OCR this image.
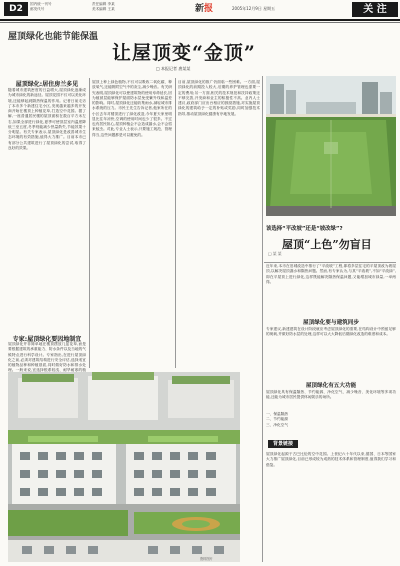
D2	国内统一刊号
邮发代号
责任编辑 李某
美术编辑 王某	新报	2005年12月9日 星期五	关 注
屋顶绿化也能节能保温
让屋顶变“金顶”
□ 本报记者 唐某某
屋顶绿化:居住房兰多见
随着城市建筑密度的日益增大,屋顶绿化逐渐成为城市绿化的新途径。屋顶花园不仅可以美化环境,还能够起到隔热保温的作用。记者日前走访了本市多个新建住宅小区,发现越来越多的开发商开始在楼顶上种植花草,打造空中花园。据了解,一座普通居民楼的屋顶面积在数百平方米左右,如果全部进行绿化,夏季可使顶层室内温度降低三至五度,冬季则能减少热量散失,节能效果十分明显。有关专家表示,屋顶绿化是改善城市生态环境的有效措施,值得大力推广。目前本市已有部分公共建筑进行了屋顶绿化的尝试,取得了良好的效果。
专家:屋顶绿化要因地制宜
屋顶绿化并非简单地在楼顶摆放几盆花草,而是要根据建筑的承重能力、防水条件以及当地的气候特点进行科学设计。专家指出,在进行屋顶绿化之前,必须对建筑结构进行安全评估,选择适宜的植物品种和种植基质,同时做好防水和排水处理。一般来说,宜选择根系较浅、耐旱耐寒的植
屋顶上种上绿色植物,不仅可以吸收二氧化碳、释放氧气,还能吸附空气中的灰尘,减少噪音。有关研究表明,屋顶绿化可以使建筑物的使用寿命延长,因为植被层能够保护屋面防水层免受紫外线和温差的影响。同时,屋顶绿化还能收集雨水,减轻城市排水系统的压力。市民王先生告诉记者,他家所在的小区去年对楼顶进行了绿化改造,今年夏天家里明显比往年凉快,空调的使用时间也少了很多。不过也有居民担心,屋顶种植会不会造成漏水,会不会招来蚊虫。对此,专业人士表示,只要施工规范、管理得当,这些问题都是可以避免的。
目前,屋顶绿化的推广仍面临一些困难。一方面,屋顶绿化的前期投入较大,后期的养护管理也需要一定的费用;另一方面,相关的技术规范和扶持政策还不够完善,开发商和业主的积极性不高。业内人士建议,政府部门应出台相应的鼓励措施,对实施屋顶绿化的建筑给予一定的补贴或奖励,同时加强技术指导,推动屋顶绿化健康有序地发展。
该选择“平改坡”还是“坡改绿”?
屋顶“上色”勿盲目
□ 某 某
近年来,本市在旧城改造中推行了“平改坡”工程,即将多层住宅的平屋顶改为坡屋顶,以解决屋顶漏水和隔热问题。然而,有专家认为,与其“平改坡”,不如“平改绿”,即在平屋顶上进行绿化,这样既能解决隔热保温问题,又能增加城市绿量,一举两得。
屋顶绿化要与建筑同步
专家建议,新建建筑在设计阶段就应考虑屋顶绿化的需要,在结构设计中预留足够的荷载,并做好防水层的处理,这样可以大大降低后期绿化改造的难度和成本。
屋顶绿化有五大功能
屋顶绿化具有保温隔热、节约能源、净化空气、减少噪音、美化环境等多项功能,还能为城市居民提供休闲娱乐的场所。
一、保温隔热
二、节约能源
三、净化空气
背景链接
屋顶绿化起源于古巴比伦的空中花园。上世纪六十年代以来,德国、日本等国家大力推广屋顶绿化,目前已形成较为成熟的技术体系和管理制度,值得我们学习和借鉴。
资料图片
